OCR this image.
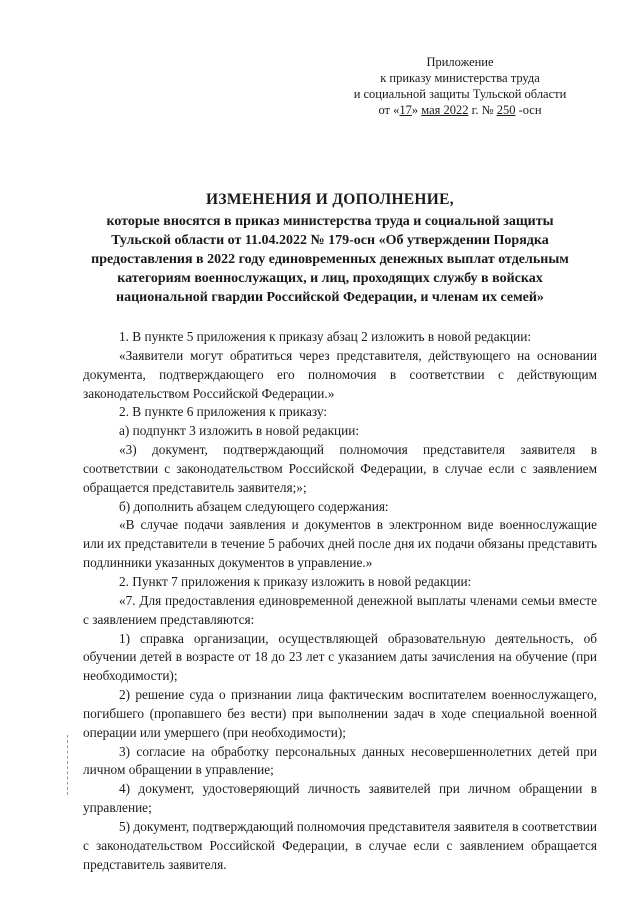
Приложение
к приказу министерства труда
и социальной защиты Тульской области
от «17» мая 2022 г. № 250 -осн
ИЗМЕНЕНИЯ И ДОПОЛНЕНИЕ,
которые вносятся в приказ министерства труда и социальной защиты
Тульской области от 11.04.2022 № 179-осн «Об утверждении Порядка
предоставления в 2022 году единовременных денежных выплат отдельным
категориям военнослужащих, и лиц, проходящих службу в войсках
национальной гвардии Российской Федерации, и членам их семей»

1. В пункте 5 приложения к приказу абзац 2 изложить в новой редакции:

«Заявители могут обратиться через представителя, действующего на основании документа, подтверждающего его полномочия в соответствии с действующим законодательством Российской Федерации.»

2. В пункте 6 приложения к приказу:

а) подпункт 3 изложить в новой редакции:

«3) документ, подтверждающий полномочия представителя заявителя в соответствии с законодательством Российской Федерации, в случае если с заявлением обращается представитель заявителя;»;

б) дополнить абзацем следующего содержания:

«В случае подачи заявления и документов в электронном виде военнослужащие или их представители в течение 5 рабочих дней после дня их подачи обязаны представить подлинники указанных документов в управление.»

2. Пункт 7 приложения к приказу изложить в новой редакции:

«7. Для предоставления единовременной денежной выплаты членами семьи вместе с заявлением представляются:

1) справка организации, осуществляющей образовательную деятельность, об обучении детей в возрасте от 18 до 23 лет с указанием даты зачисления на обучение (при необходимости);

2) решение суда о признании лица фактическим воспитателем военнослужащего, погибшего (пропавшего без вести) при выполнении задач в ходе специальной военной операции или умершего (при необходимости);

3) согласие на обработку персональных данных несовершеннолетних детей при личном обращении в управление;

4) документ, удостоверяющий личность заявителей при личном обращении в управление;

5) документ, подтверждающий полномочия представителя заявителя в соответствии с законодательством Российской Федерации, в случае если с заявлением обращается представитель заявителя.
